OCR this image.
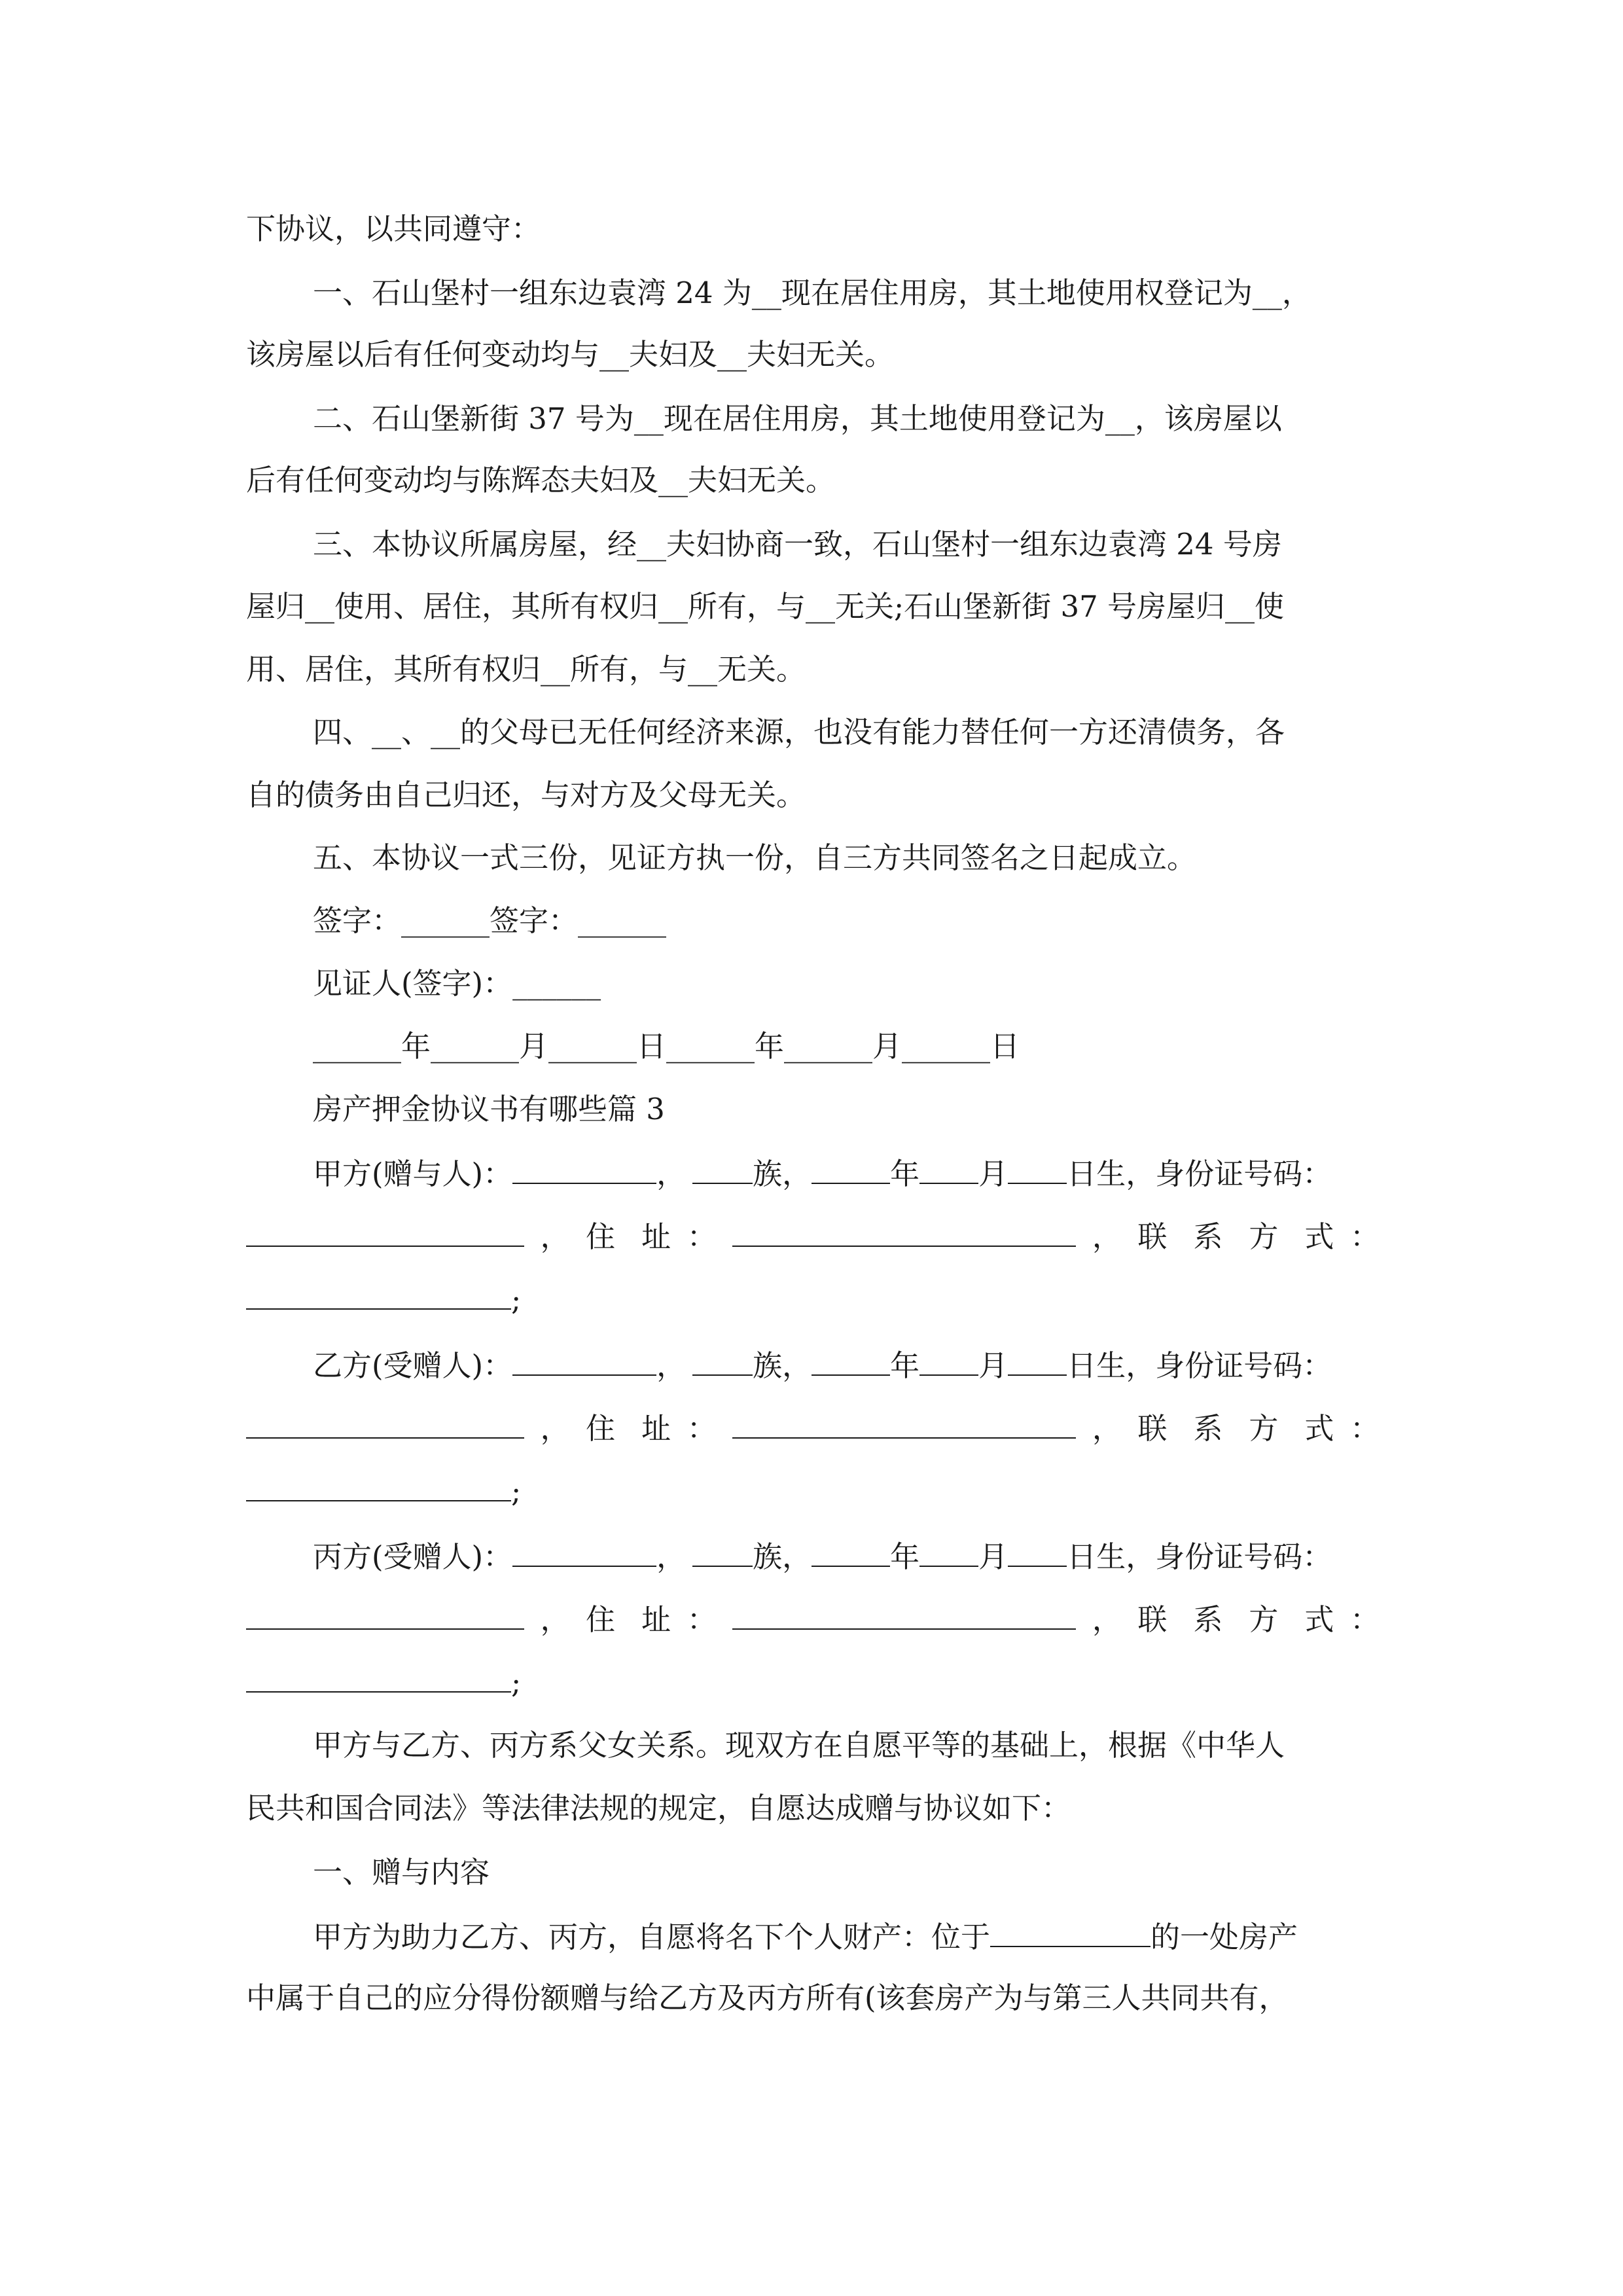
下协议，以共同遵守：
一、石山堡村一组东边袁湾 24 为__现在居住用房，其土地使用权登记为__，
该房屋以后有任何变动均与__夫妇及__夫妇无关。
二、石山堡新街 37 号为__现在居住用房，其土地使用登记为__，该房屋以
后有任何变动均与陈辉态夫妇及__夫妇无关。
三、本协议所属房屋，经__夫妇协商一致，石山堡村一组东边袁湾 24 号房
屋归__使用、居住，其所有权归__所有，与__无关;石山堡新街 37 号房屋归__使
用、居住，其所有权归__所有，与__无关。
四、__、__的父母已无任何经济来源，也没有能力替任何一方还清债务，各
自的债务由自己归还，与对方及父母无关。
五、本协议一式三份，见证方执一份，自三方共同签名之日起成立。
签字：______签字：______
见证人(签字)：______
______年______月______日______年______月______日
房产押金协议书有哪些篇 3
甲方(赠与人)：	， 族，	年 月 日生，身份证号码：
， 住 址 ：	， 联 系 方 式 ：
;
乙方(受赠人)：	， 族，	年 月 日生，身份证号码：
， 住 址 ：	， 联 系 方 式 ：
;
丙方(受赠人)：	， 族，	年 月 日生，身份证号码：
， 住 址 ：	， 联 系 方 式 ：
;
甲方与乙方、丙方系父女关系。现双方在自愿平等的基础上，根据《中华人
民共和国合同法》等法律法规的规定，自愿达成赠与协议如下：
一、赠与内容
甲方为助力乙方、丙方，自愿将名下个人财产：位于	的一处房产
中属于自己的应分得份额赠与给乙方及丙方所有(该套房产为与第三人共同共有，
